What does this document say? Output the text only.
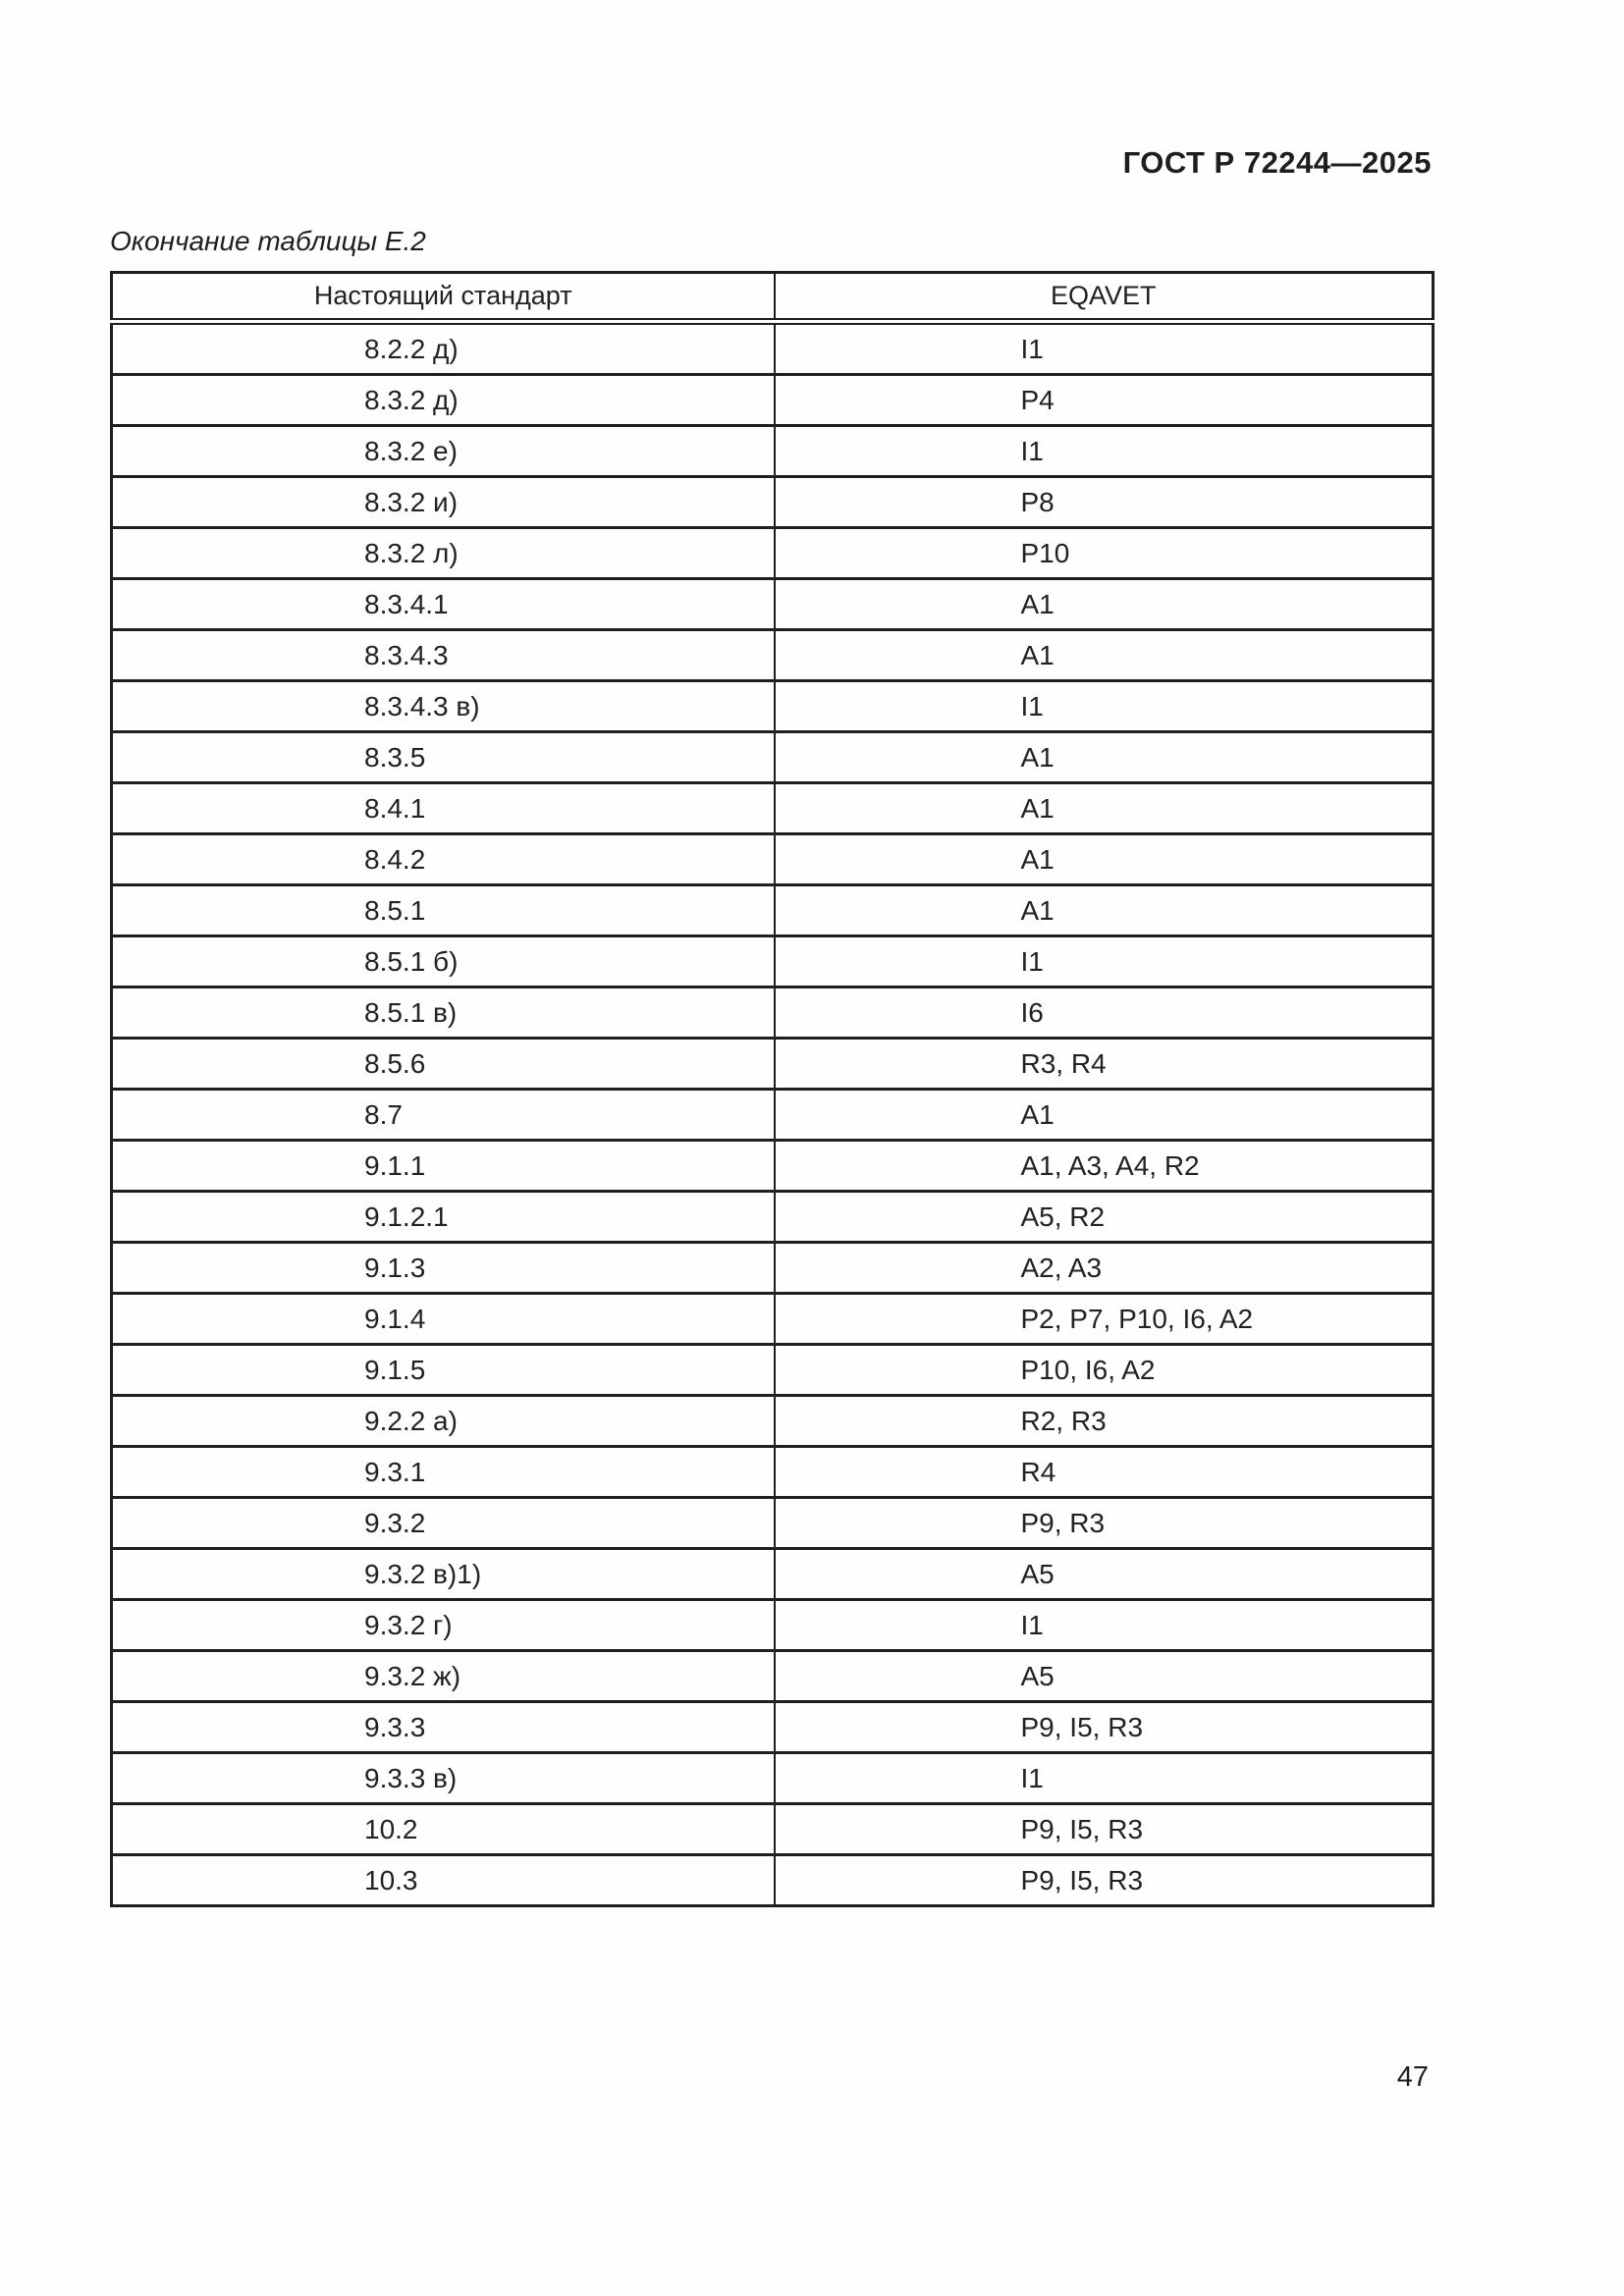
ГОСТ Р 72244—2025
Окончание таблицы Е.2
Настоящий стандарт	EQAVET
8.2.2 д)	I1
8.3.2 д)	P4
8.3.2 е)	I1
8.3.2 и)	P8
8.3.2 л)	P10
8.3.4.1	A1
8.3.4.3	A1
8.3.4.3 в)	I1
8.3.5	A1
8.4.1	A1
8.4.2	A1
8.5.1	A1
8.5.1 б)	I1
8.5.1 в)	I6
8.5.6	R3, R4
8.7	A1
9.1.1	A1, A3, A4, R2
9.1.2.1	A5, R2
9.1.3	A2, A3
9.1.4	P2, P7, P10, I6, A2
9.1.5	P10, I6, A2
9.2.2 а)	R2, R3
9.3.1	R4
9.3.2	P9, R3
9.3.2 в)1)	A5
9.3.2 г)	I1
9.3.2 ж)	A5
9.3.3	P9, I5, R3
9.3.3 в)	I1
10.2	P9, I5, R3
10.3	P9, I5, R3
47
